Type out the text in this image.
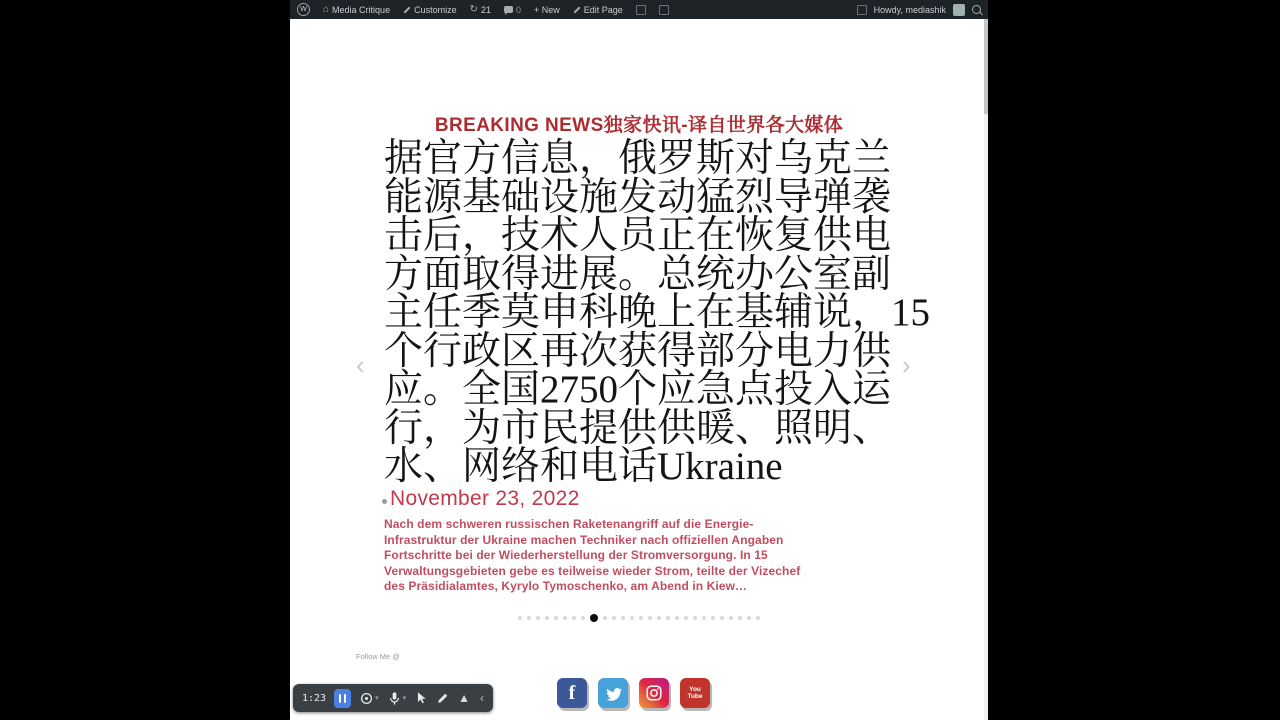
W	⌂ Media Critique	Customize ↻ 21	0 + New	Edit Page	Howdy, mediashik
BREAKING NEWS独家快讯-译自世界各大媒体
据官方信息，俄罗斯对乌克兰
能源基础设施发动猛烈导弹袭
击后，技术人员正在恢复供电
方面取得进展。总统办公室副
主任季莫申科晚上在基辅说，15
个行政区再次获得部分电力供
应。全国2750个应急点投入运
行，为市民提供供暖、照明、
水、网络和电话Ukraine
November 23, 2022
Nach dem schweren russischen Raketenangriff auf die Energie-
Infrastruktur der Ukraine machen Techniker nach offiziellen Angaben
Fortschritte bei der Wiederherstellung der Stromversorgung. In 15
Verwaltungsgebieten gebe es teilweise wieder Strom, teilte der Vizechef
des Präsidialamtes, Kyrylo Tymoschenko, am Abend in Kiew…
‹	›
Follow Me @
f	You
Tube
1:23	▾	▾	▲ ‹
